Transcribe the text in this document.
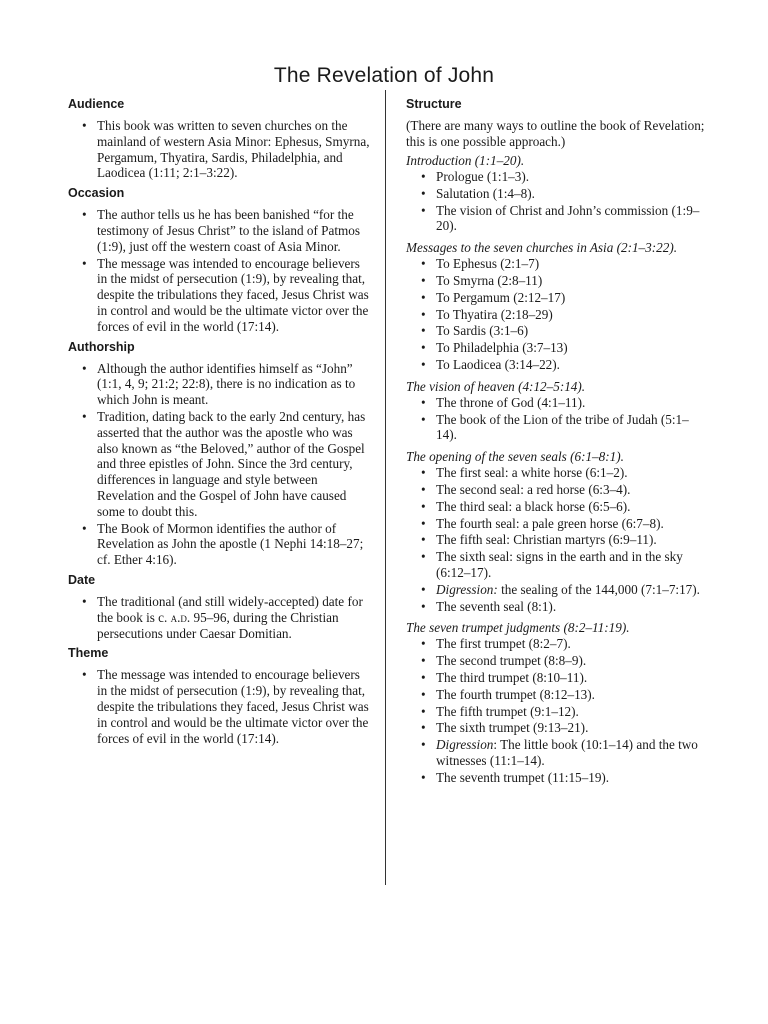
The Revelation of John
Audience
• This book was written to seven churches on the mainland of western Asia Minor: Ephesus, Smyrna, Pergamum, Thyatira, Sardis, Philadelphia, and Laodicea (1:11; 2:1–3:22).
Occasion
• The author tells us he has been banished “for the testimony of Jesus Christ” to the island of Patmos (1:9), just off the western coast of Asia Minor.
• The message was intended to encourage believers in the midst of persecution (1:9), by revealing that, despite the tribulations they faced, Jesus Christ was in control and would be the ultimate victor over the forces of evil in the world (17:14).
Authorship
• Although the author identifies himself as “John” (1:1, 4, 9; 21:2; 22:8), there is no indication as to which John is meant.
• Tradition, dating back to the early 2nd century, has asserted that the author was the apostle who was also known as “the Beloved,” author of the Gospel and three epistles of John. Since the 3rd century, differences in language and style between Revelation and the Gospel of John have caused some to doubt this.
• The Book of Mormon identifies the author of Revelation as John the apostle (1 Nephi 14:18–27; cf. Ether 4:16).
Date
• The traditional (and still widely-accepted) date for the book is c. a.d. 95–96, during the Christian persecutions under Caesar Domitian.
Theme
• The message was intended to encourage believers in the midst of persecution (1:9), by revealing that, despite the tribulations they faced, Jesus Christ was in control and would be the ultimate victor over the forces of evil in the world (17:14).
Structure
(There are many ways to outline the book of Revelation; this is one possible approach.)
Introduction (1:1–20).
• Prologue (1:1–3).
• Salutation (1:4–8).
• The vision of Christ and John’s commission (1:9–20).
Messages to the seven churches in Asia (2:1–3:22).
• To Ephesus (2:1–7)
• To Smyrna (2:8–11)
• To Pergamum (2:12–17)
• To Thyatira (2:18–29)
• To Sardis (3:1–6)
• To Philadelphia (3:7–13)
• To Laodicea (3:14–22).
The vision of heaven (4:12–5:14).
• The throne of God (4:1–11).
• The book of the Lion of the tribe of Judah (5:1–14).
The opening of the seven seals (6:1–8:1).
• The first seal: a white horse (6:1–2).
• The second seal: a red horse (6:3–4).
• The third seal: a black horse (6:5–6).
• The fourth seal: a pale green horse (6:7–8).
• The fifth seal: Christian martyrs (6:9–11).
• The sixth seal: signs in the earth and in the sky (6:12–17).
• Digression: the sealing of the 144,000 (7:1–7:17).
• The seventh seal (8:1).
The seven trumpet judgments (8:2–11:19).
• The first trumpet (8:2–7).
• The second trumpet (8:8–9).
• The third trumpet (8:10–11).
• The fourth trumpet (8:12–13).
• The fifth trumpet (9:1–12).
• The sixth trumpet (9:13–21).
• Digression: The little book (10:1–14) and the two witnesses (11:1–14).
• The seventh trumpet (11:15–19).
